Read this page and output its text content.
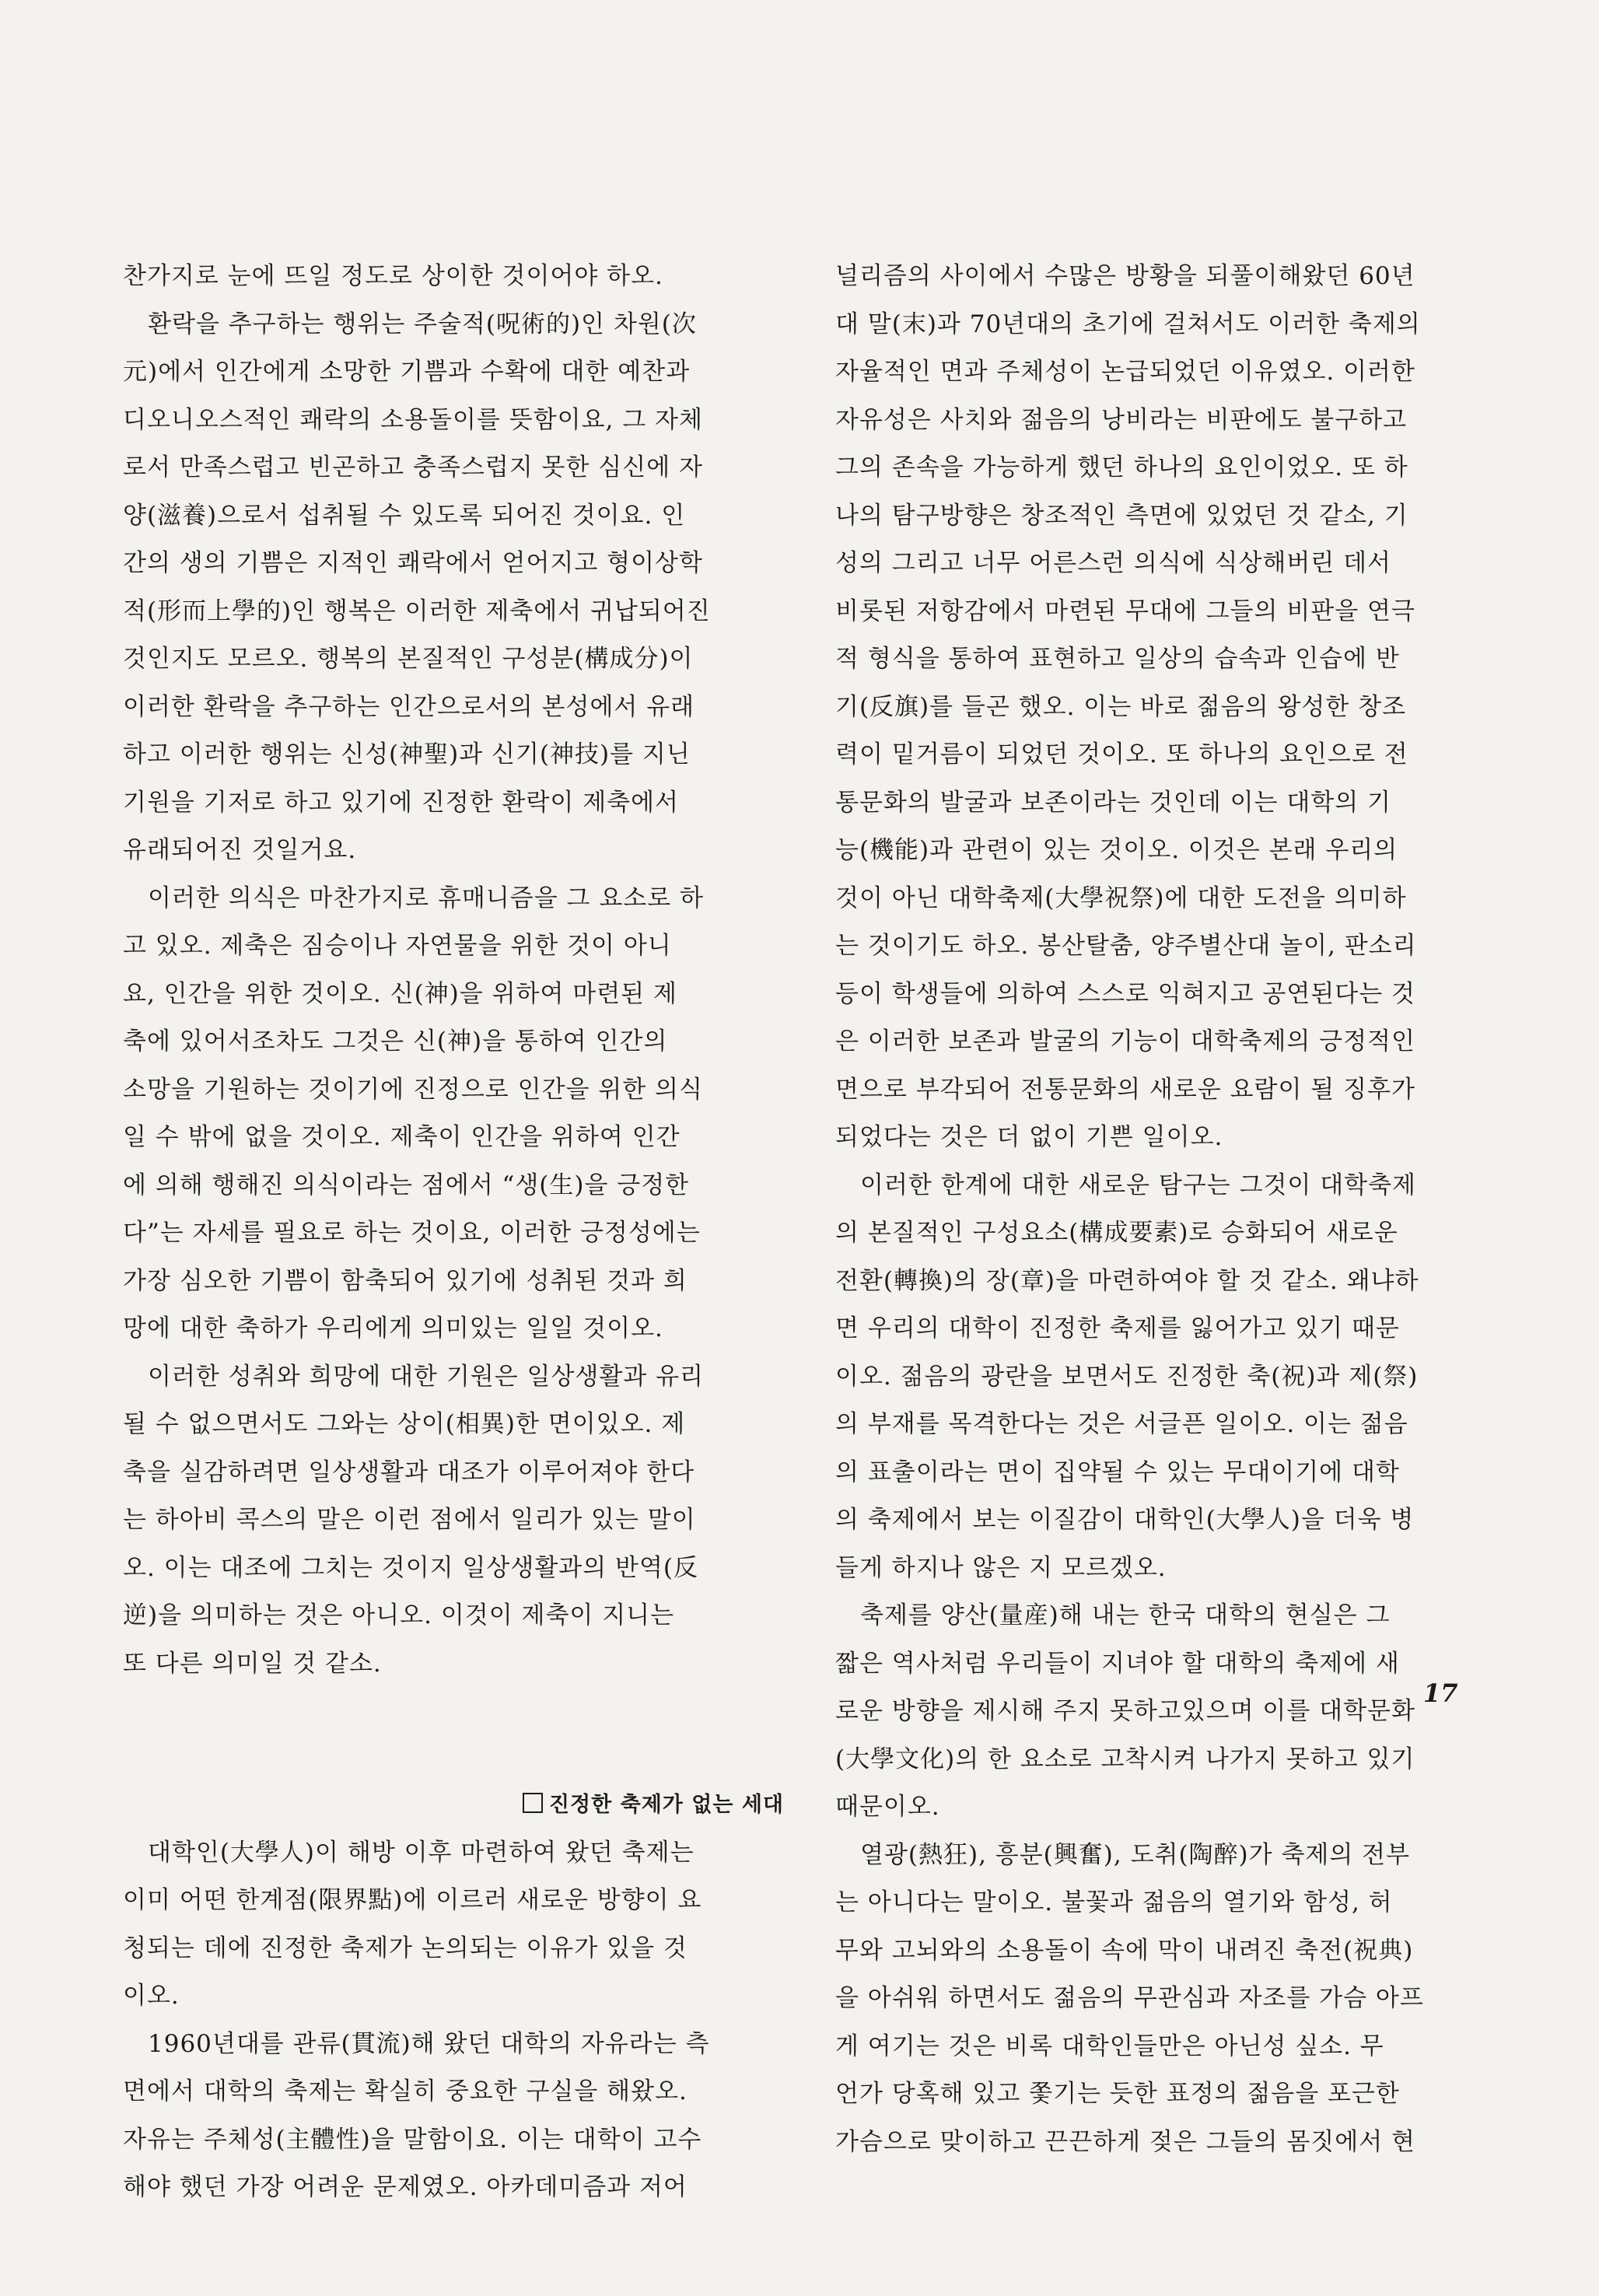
찬가지로 눈에 뜨일 정도로 상이한 것이어야 하오.
환락을 추구하는 행위는 주술적(呪術的)인 차원(次
元)에서 인간에게 소망한 기쁨과 수확에 대한 예찬과
디오니오스적인 쾌락의 소용돌이를 뜻함이요, 그 자체
로서 만족스럽고 빈곤하고 충족스럽지 못한 심신에 자
양(滋養)으로서 섭취될 수 있도록 되어진 것이요. 인
간의 생의 기쁨은 지적인 쾌락에서 얻어지고 형이상학
적(形而上學的)인 행복은 이러한 제축에서 귀납되어진
것인지도 모르오. 행복의 본질적인 구성분(構成分)이
이러한 환락을 추구하는 인간으로서의 본성에서 유래
하고 이러한 행위는 신성(神聖)과 신기(神技)를 지닌
기원을 기저로 하고 있기에 진정한 환락이 제축에서
유래되어진 것일거요.
이러한 의식은 마찬가지로 휴매니즘을 그 요소로 하
고 있오. 제축은 짐승이나 자연물을 위한 것이 아니
요, 인간을 위한 것이오. 신(神)을 위하여 마련된 제
축에 있어서조차도 그것은 신(神)을 통하여 인간의
소망을 기원하는 것이기에 진정으로 인간을 위한 의식
일 수 밖에 없을 것이오. 제축이 인간을 위하여 인간
에 의해 행해진 의식이라는 점에서 “생(生)을 긍정한
다”는 자세를 필요로 하는 것이요, 이러한 긍정성에는
가장 심오한 기쁨이 함축되어 있기에 성취된 것과 희
망에 대한 축하가 우리에게 의미있는 일일 것이오.
이러한 성취와 희망에 대한 기원은 일상생활과 유리
될 수 없으면서도 그와는 상이(相異)한 면이있오. 제
축을 실감하려면 일상생활과 대조가 이루어져야 한다
는 하아비 콕스의 말은 이런 점에서 일리가 있는 말이
오. 이는 대조에 그치는 것이지 일상생활과의 반역(反
逆)을 의미하는 것은 아니오. 이것이 제축이 지니는
또 다른 의미일 것 같소.
진정한 축제가 없는 세대
대학인(大學人)이 해방 이후 마련하여 왔던 축제는
이미 어떤 한계점(限界點)에 이르러 새로운 방향이 요
청되는 데에 진정한 축제가 논의되는 이유가 있을 것
이오.
1960년대를 관류(貫流)해 왔던 대학의 자유라는 측
면에서 대학의 축제는 확실히 중요한 구실을 해왔오.
자유는 주체성(主體性)을 말함이요. 이는 대학이 고수
해야 했던 가장 어려운 문제였오. 아카데미즘과 저어
널리즘의 사이에서 수많은 방황을 되풀이해왔던 60년
대 말(末)과 70년대의 초기에 걸쳐서도 이러한 축제의
자율적인 면과 주체성이 논급되었던 이유였오. 이러한
자유성은 사치와 젊음의 낭비라는 비판에도 불구하고
그의 존속을 가능하게 했던 하나의 요인이었오. 또 하
나의 탐구방향은 창조적인 측면에 있었던 것 같소, 기
성의 그리고 너무 어른스런 의식에 식상해버린 데서
비롯된 저항감에서 마련된 무대에 그들의 비판을 연극
적 형식을 통하여 표현하고 일상의 습속과 인습에 반
기(反旗)를 들곤 했오. 이는 바로 젊음의 왕성한 창조
력이 밑거름이 되었던 것이오. 또 하나의 요인으로 전
통문화의 발굴과 보존이라는 것인데 이는 대학의 기
능(機能)과 관련이 있는 것이오. 이것은 본래 우리의
것이 아닌 대학축제(大學祝祭)에 대한 도전을 의미하
는 것이기도 하오. 봉산탈춤, 양주별산대 놀이, 판소리
등이 학생들에 의하여 스스로 익혀지고 공연된다는 것
은 이러한 보존과 발굴의 기능이 대학축제의 긍정적인
면으로 부각되어 전통문화의 새로운 요람이 될 징후가
되었다는 것은 더 없이 기쁜 일이오.
이러한 한계에 대한 새로운 탐구는 그것이 대학축제
의 본질적인 구성요소(構成要素)로 승화되어 새로운
전환(轉換)의 장(章)을 마련하여야 할 것 같소. 왜냐하
면 우리의 대학이 진정한 축제를 잃어가고 있기 때문
이오. 젊음의 광란을 보면서도 진정한 축(祝)과 제(祭)
의 부재를 목격한다는 것은 서글픈 일이오. 이는 젊음
의 표출이라는 면이 집약될 수 있는 무대이기에 대학
의 축제에서 보는 이질감이 대학인(大學人)을 더욱 병
들게 하지나 않은 지 모르겠오.
축제를 양산(量産)해 내는 한국 대학의 현실은 그
짧은 역사처럼 우리들이 지녀야 할 대학의 축제에 새
로운 방향을 제시해 주지 못하고있으며 이를 대학문화
(大學文化)의 한 요소로 고착시켜 나가지 못하고 있기
때문이오.
열광(熱狂), 흥분(興奮), 도취(陶醉)가 축제의 전부
는 아니다는 말이오. 불꽃과 젊음의 열기와 함성, 허
무와 고뇌와의 소용돌이 속에 막이 내려진 축전(祝典)
을 아쉬워 하면서도 젊음의 무관심과 자조를 가슴 아프
게 여기는 것은 비록 대학인들만은 아닌성 싶소. 무
언가 당혹해 있고 쫓기는 듯한 표정의 젊음을 포근한
가슴으로 맞이하고 끈끈하게 젖은 그들의 몸짓에서 현
17
